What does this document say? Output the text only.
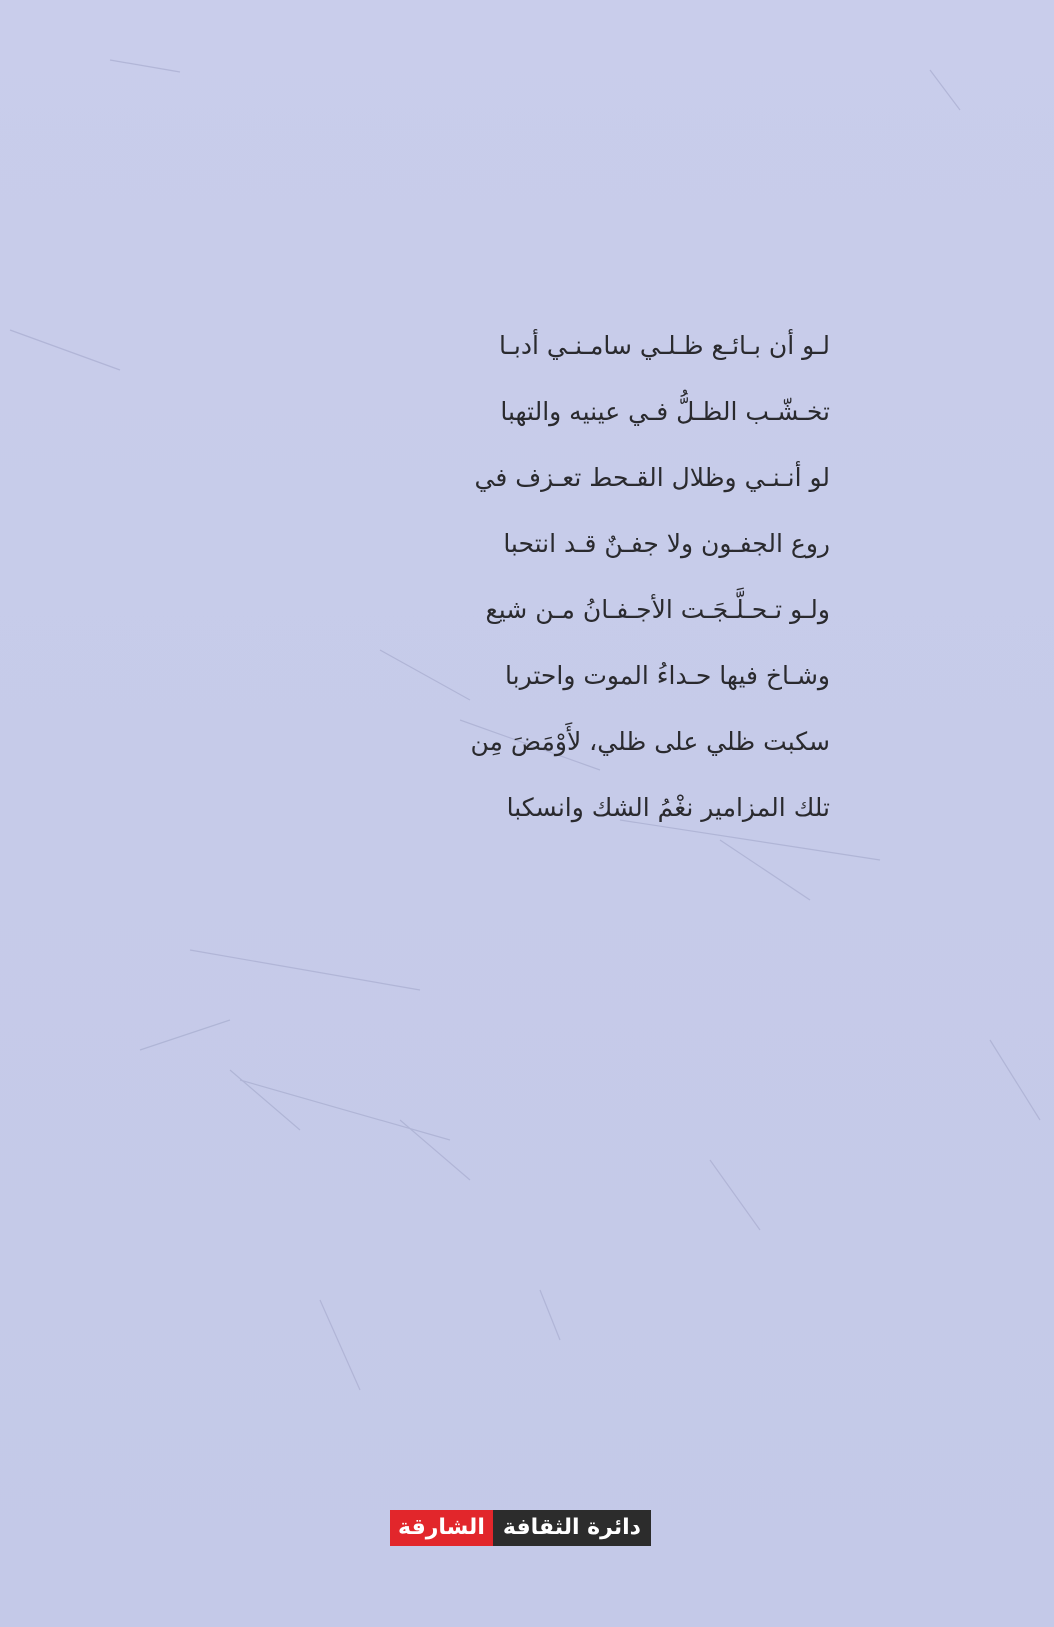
لـو أن بـائـع ظـلـي سامـنـي أدبـا
تخـشّـب الظـلُّ فـي عينيه والتهبا
لو أنـنـي وظلال القـحط تعـزف في
روع الجفـون ولا جفـنٌ قـد انتحبا
ولـو تـحـلَّـجَـت الأجـفـانُ مـن شيع
وشـاخ فيها حـداءُ الموت واحتربا
سكبت ظلي على ظلي، لأَوْمَضَ مِن
تلك المزامير نغْمُ الشك وانسكبا
دائرة الثقافة
الشارقة
